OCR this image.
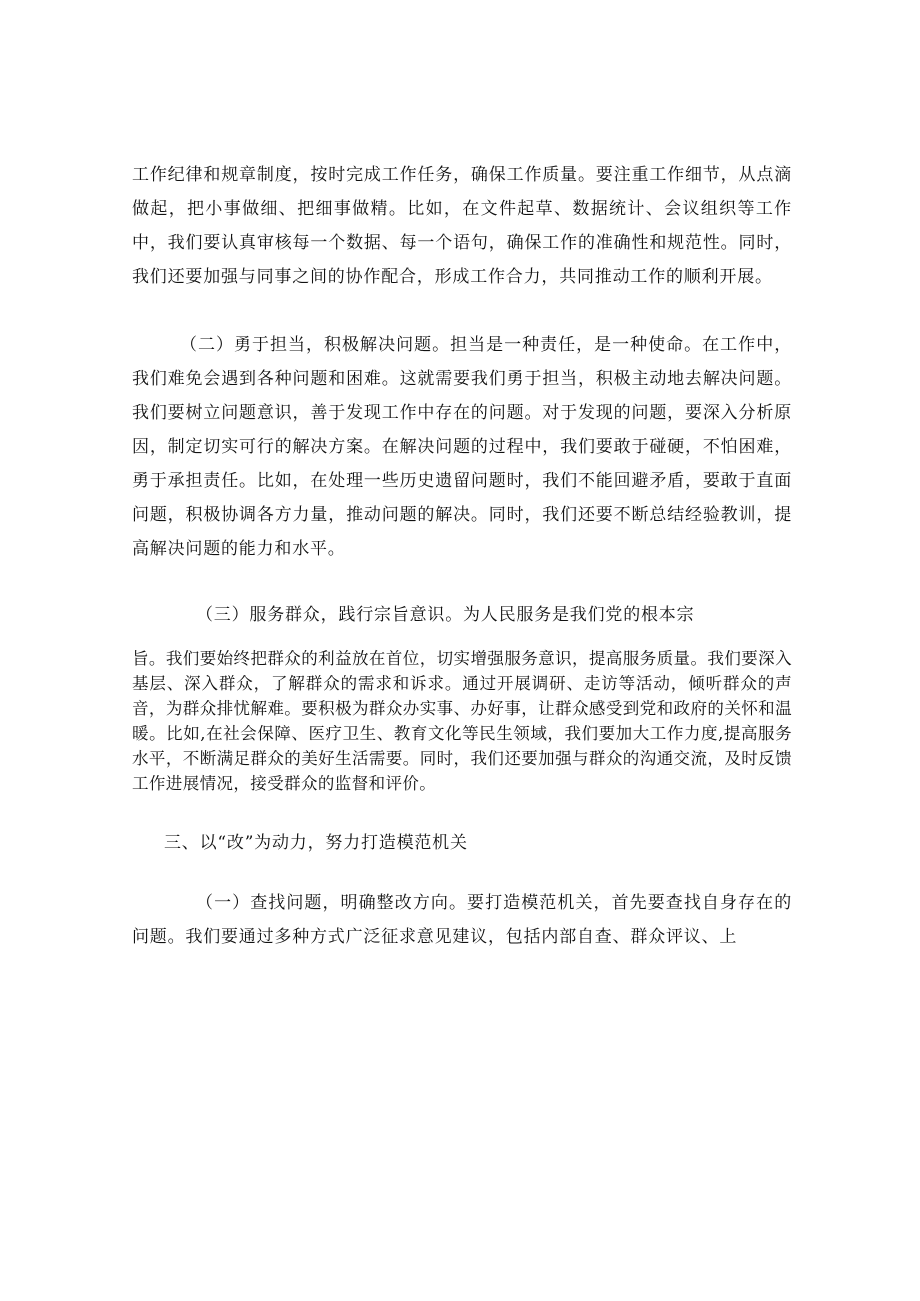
工作纪律和规章制度，按时完成工作任务，确保工作质量。要注重工作细节，从点滴做起，把小事做细、把细事做精。比如，在文件起草、数据统计、会议组织等工作中，我们要认真审核每一个数据、每一个语句，确保工作的准确性和规范性。同时，我们还要加强与同事之间的协作配合，形成工作合力，共同推动工作的顺利开展。

（二）勇于担当，积极解决问题。担当是一种责任，是一种使命。在工作中，我们难免会遇到各种问题和困难。这就需要我们勇于担当，积极主动地去解决问题。我们要树立问题意识，善于发现工作中存在的问题。对于发现的问题，要深入分析原因，制定切实可行的解决方案。在解决问题的过程中，我们要敢于碰硬，不怕困难，勇于承担责任。比如，在处理一些历史遗留问题时，我们不能回避矛盾，要敢于直面问题，积极协调各方力量，推动问题的解决。同时，我们还要不断总结经验教训，提高解决问题的能力和水平。

（三）服务群众，践行宗旨意识。为人民服务是我们党的根本宗

旨。我们要始终把群众的利益放在首位，切实增强服务意识，提高服务质量。我们要深入基层、深入群众，了解群众的需求和诉求。通过开展调研、走访等活动，倾听群众的声音，为群众排忧解难。要积极为群众办实事、办好事，让群众感受到党和政府的关怀和温暖。比如,在社会保障、医疗卫生、教育文化等民生领域，我们要加大工作力度,提高服务水平，不断满足群众的美好生活需要。同时，我们还要加强与群众的沟通交流，及时反馈工作进展情况，接受群众的监督和评价。

三、以“改”为动力，努力打造模范机关

（一）查找问题，明确整改方向。要打造模范机关，首先要查找自身存在的问题。我们要通过多种方式广泛征求意见建议，包括内部自查、群众评议、上
